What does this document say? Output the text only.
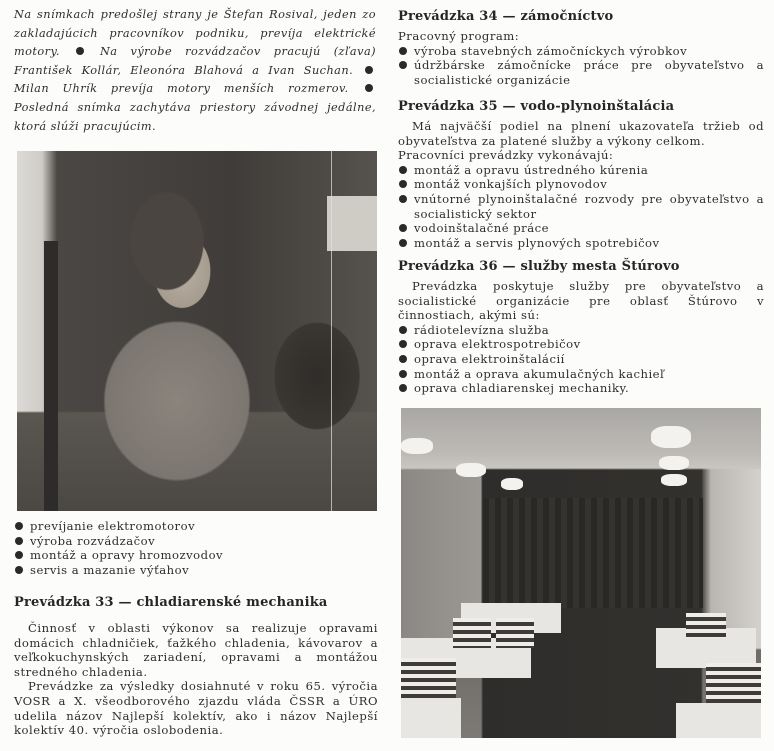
Na snímkach predošlej strany je Štefan Rosival, jeden zo zakladajúcich pracovníkov podniku, prevíja elektrické motory.	Na výrobe rozvádzačov pracujú (zľava) František Kollár, Eleonóra Blahová a Ivan Suchan.  Milan Uhrík prevíja motory menších rozmerov.  Posledná snímka zachytáva priestory závodnej jedálne, ktorá slúži pracujúcim.
prevíjanie elektromotorov
výroba rozvádzačov
montáž a opravy hromozvodov
servis a mazanie výťahov
Prevádzka 33 — chladiarenské mechanika

Činnosť v oblasti výkonov sa realizuje opravami domácich chladničiek, ťažkého chladenia, kávovarov a veľkokuchynských zariadení, opravami a montážou stredného chladenia.

Prevádzke za výsledky dosiahnuté v roku 65. výročia VOSR a X. všeodborového zjazdu vláda ČSSR a ÚRO udelila názov Najlepší kolektív, ako i názov Najlepší kolektív 40. výročia oslobodenia.

Prevádzka 34 — zámočníctvo

Pracovný program:

výroba stavebných zámočníckych výrobkov
údržbárske zámočnícke práce pre obyvateľstvo a socialistické organizácie
Prevádzka 35 — vodo-plynoinštalácia

Má najväčší podiel na plnení ukazovateľa tržieb od obyvateľstva za platené služby a výkony celkom.

Pracovníci prevádzky vykonávajú:

montáž a opravu ústredného kúrenia
montáž vonkajších plynovodov
vnútorné plynoinštalačné rozvody pre obyvateľstvo a socialistický sektor
vodoinštalačné práce
montáž a servis plynových spotrebičov
Prevádzka 36 — služby mesta Štúrovo

Prevádzka poskytuje služby pre obyvateľstvo a socialistické organizácie pre oblasť Štúrovo v činnostiach, akými sú:

rádiotelevízna služba
oprava elektrospotrebičov
oprava elektroinštalácií
montáž a oprava akumulačných kachieľ
oprava chladiarenskej mechaniky.
